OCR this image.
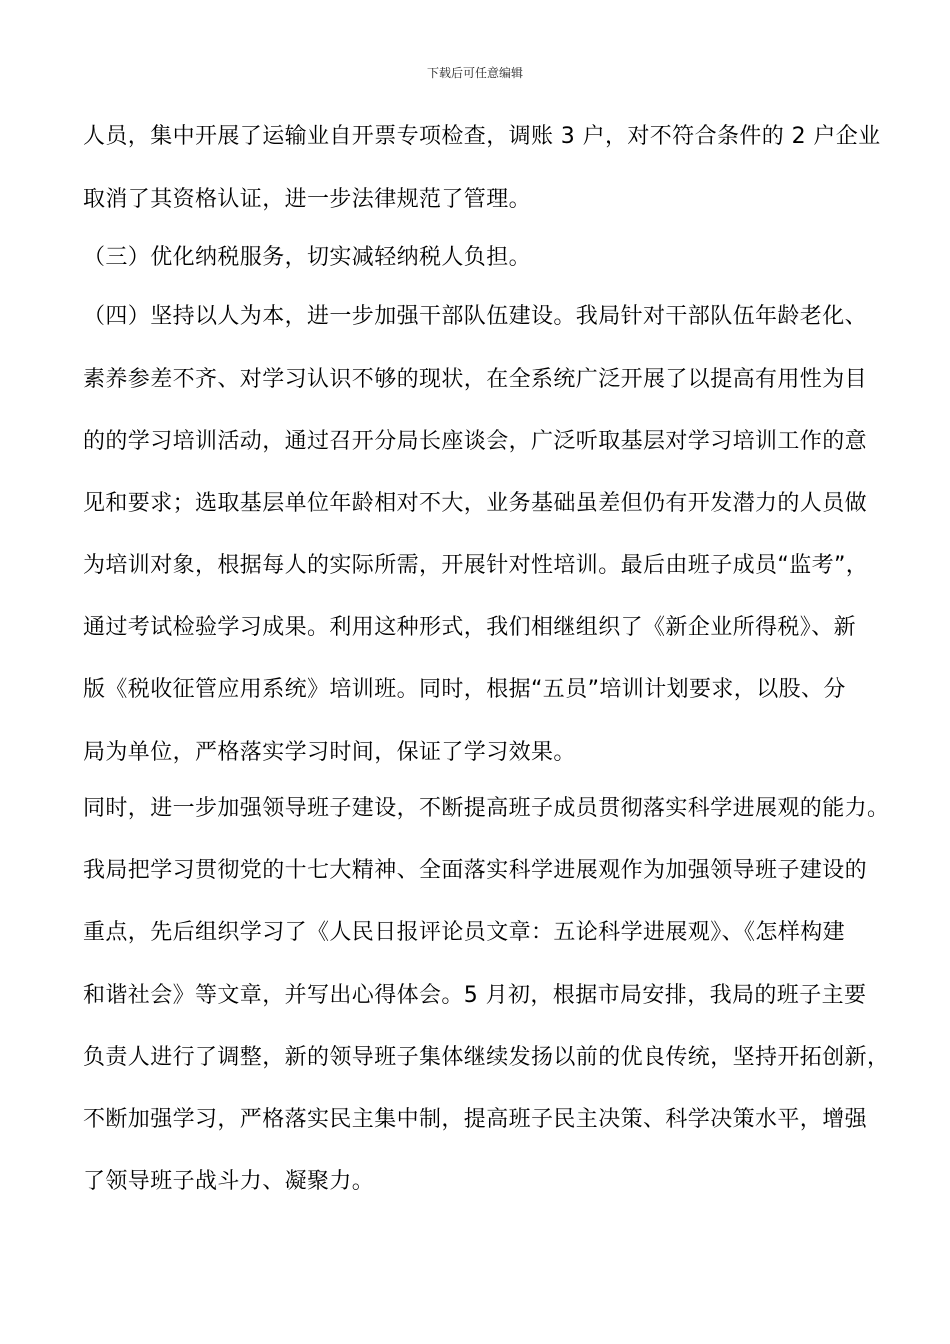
下载后可任意编辑
人员，集中开展了运输业自开票专项检查，调账 3 户，对不符合条件的 2 户企业
取消了其资格认证，进一步法律规范了管理。
（三）优化纳税服务，切实减轻纳税人负担。
（四）坚持以人为本，进一步加强干部队伍建设。我局针对干部队伍年龄老化、
素养参差不齐、对学习认识不够的现状，在全系统广泛开展了以提高有用性为目
的的学习培训活动，通过召开分局长座谈会，广泛听取基层对学习培训工作的意
见和要求；选取基层单位年龄相对不大，业务基础虽差但仍有开发潜力的人员做
为培训对象，根据每人的实际所需，开展针对性培训。最后由班子成员“监考”，
通过考试检验学习成果。利用这种形式，我们相继组织了《新企业所得税》、新
版《税收征管应用系统》培训班。同时，根据“五员”培训计划要求，以股、分
局为单位，严格落实学习时间，保证了学习效果。
同时，进一步加强领导班子建设，不断提高班子成员贯彻落实科学进展观的能力。
我局把学习贯彻党的十七大精神、全面落实科学进展观作为加强领导班子建设的
重点，先后组织学习了《人民日报评论员文章：五论科学进展观》、《怎样构建
和谐社会》等文章，并写出心得体会。5 月初，根据市局安排，我局的班子主要
负责人进行了调整，新的领导班子集体继续发扬以前的优良传统，坚持开拓创新，
不断加强学习，严格落实民主集中制，提高班子民主决策、科学决策水平，增强
了领导班子战斗力、凝聚力。
